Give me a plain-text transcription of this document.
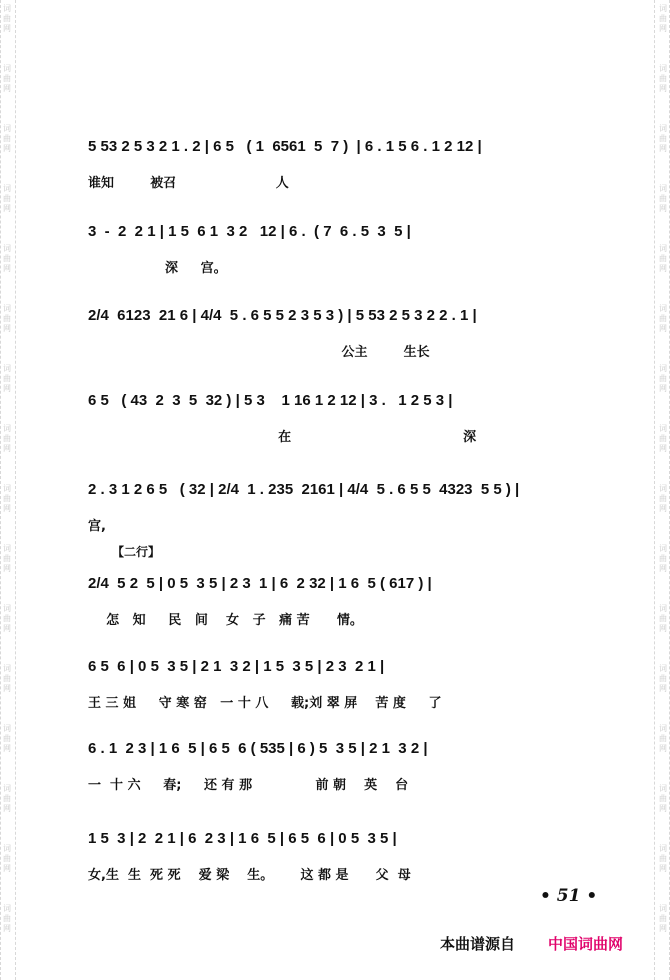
词
曲
网
词
曲
网
词
曲
网
词
曲
网
词
曲
网
词
曲
网
词
曲
网
词
曲
网
词
曲
网
词
曲
网
词
曲
网
词
曲
网
词
曲
网
词
曲
网
词
曲
网
词
曲
网
词
曲
网
词
曲
网
词
曲
网
词
曲
网
词
曲
网
词
曲
网
词
曲
网
词
曲
网
词
曲
网
词
曲
网
词
曲
网
词
曲
网
词
曲
网
词
曲
网
词
曲
网
词
曲
网
5 53 2 5 3 2 1 . 2 | 6 5   ( 1  6561  5  7 )  | 6 . 1 5 6 . 1 2 12 |
谁知        被召                      人
3  -  2  2 1 | 1 5  6 1  3 2   12 | 6 .  ( 7  6 . 5  3  5 |
深     宫。
2/4  6123  21 6 | 4/4  5 . 6 5 5 2 3 5 3 ) | 5 53 2 5 3 2 2 . 1 |
公主        生长
6 5   ( 43  2  3  5  32 ) | 5 3    1 16 1 2 12 | 3 .   1 2 5 3 |
在                                      深
2 . 3 1 2 6 5   ( 32 | 2/4  1 . 235  2161 | 4/4  5 . 6 5 5  4323  5 5 ) |
宫,
【二行】
2/4  5 2  5 | 0 5  3 5 | 2 3  1 | 6  2 32 | 1 6  5 ( 617 ) |
怎   知     民   间    女   子   痛 苦      情。
6 5  6 | 0 5  3 5 | 2 1  3 2 | 1 5  3 5 | 2 3  2 1 |
王 三 姐     守 寒 窑   一 十 八     载;刘 翠 屏    苦 度     了
6 . 1  2 3 | 1 6  5 | 6 5  6 ( 535 | 6 ) 5  3 5 | 2 1  3 2 |
一  十 六     春;     还 有 那              前 朝    英    台
1 5  3 | 2  2 1 | 6  2 3 | 1 6  5 | 6 5  6 | 0 5  3 5 |
女,生  生  死 死    爱 梁    生。      这 都 是      父  母
• 51 •
本曲谱源自 中国词曲网
